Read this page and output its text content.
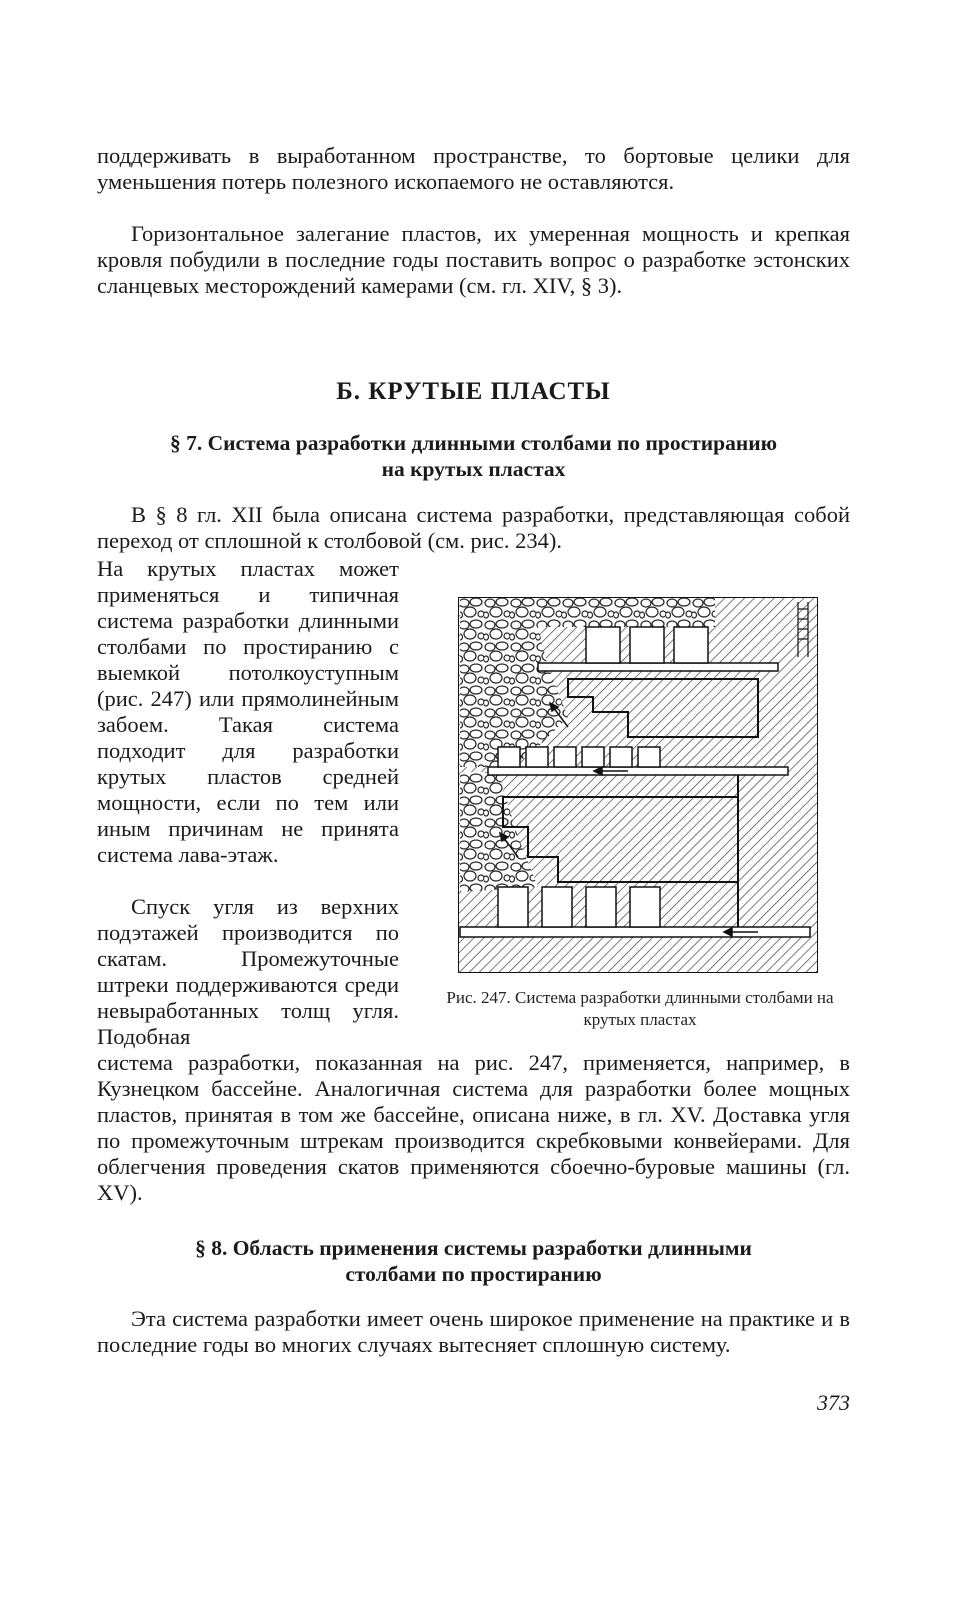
поддерживать в выработанном пространстве, то бортовые целики для уменьшения потерь полезного ископаемого не оставляются.

Горизонтальное залегание пластов, их умеренная мощность и крепкая кровля побудили в последние годы поставить вопрос о разработке эстонских сланцевых месторождений камерами (см. гл. XIV, § 3).

Б. КРУТЫЕ ПЛАСТЫ
§ 7. Система разработки длинными столбами по простиранию
на крутых пластах

В § 8 гл. XII была описана система разработки, представляющая собой переход от сплошной к столбовой (см. рис. 234).

На крутых пластах может применяться и типичная система разработки длинными столбами по простиранию с выемкой потолкоуступным (рис. 247) или прямолинейным забоем. Такая система подходит для разработки крутых пластов средней мощности, если по тем или иным причинам не принята система лава-этаж.

Спуск угля из верхних подэтажей производится по скатам. Промежуточные штреки поддерживаются среди невыработанных толщ угля. Подобная

Рис. 247. Система разработки длинными столбами на крутых пластах

система разработки, показанная на рис. 247, применяется, например, в Кузнецком бассейне. Аналогичная система для разработки более мощных пластов, принятая в том же бассейне, описана ниже, в гл. XV. Доставка угля по промежуточным штрекам производится скребковыми конвейерами. Для облегчения проведения скатов применяются сбоечно-буровые машины (гл. XV).

§ 8. Область применения системы разработки длинными
столбами по простиранию

Эта система разработки имеет очень широкое применение на практике и в последние годы во многих случаях вытесняет сплошную систему.

373
